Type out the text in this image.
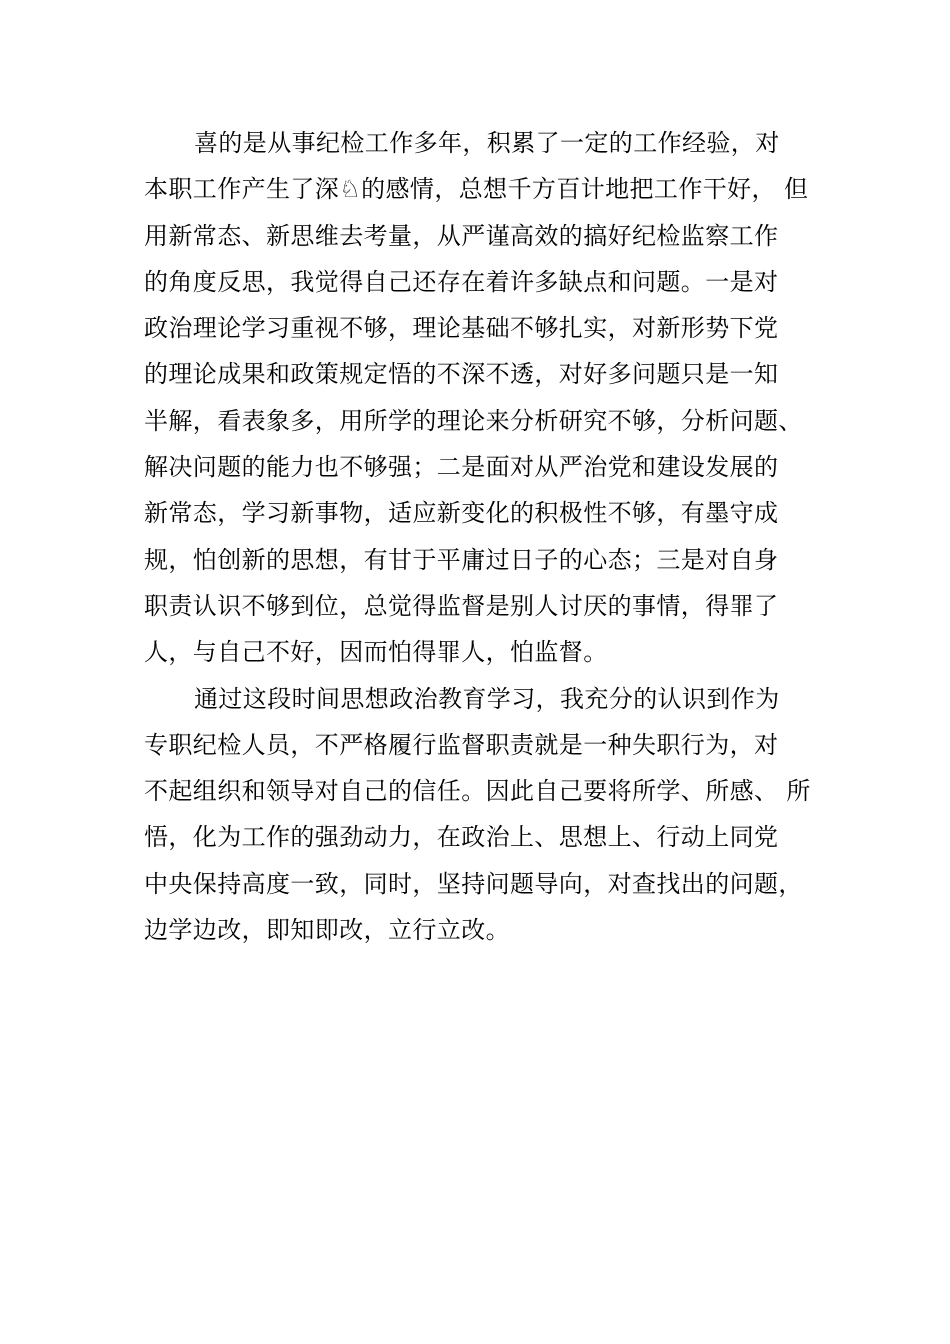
喜的是从事纪检工作多年，积累了一定的工作经验，对
本职工作产生了深♘的感情，总想千方百计地把工作干好， 但
用新常态、新思维去考量，从严谨高效的搞好纪检监察工作
的角度反思，我觉得自己还存在着许多缺点和问题。一是对
政治理论学习重视不够，理论基础不够扎实，对新形势下党
的理论成果和政策规定悟的不深不透，对好多问题只是一知
半解，看表象多，用所学的理论来分析研究不够，分析问题、
解决问题的能力也不够强；二是面对从严治党和建设发展的
新常态，学习新事物，适应新变化的积极性不够，有墨守成
规，怕创新的思想，有甘于平庸过日子的心态；三是对自身
职责认识不够到位，总觉得监督是别人讨厌的事情，得罪了
人，与自己不好，因而怕得罪人，怕监督。
通过这段时间思想政治教育学习，我充分的认识到作为
专职纪检人员，不严格履行监督职责就是一种失职行为，对
不起组织和领导对自己的信任。因此自己要将所学、所感、 所
悟，化为工作的强劲动力，在政治上、思想上、行动上同党
中央保持高度一致，同时，坚持问题导向，对查找出的问题，
边学边改，即知即改，立行立改。
